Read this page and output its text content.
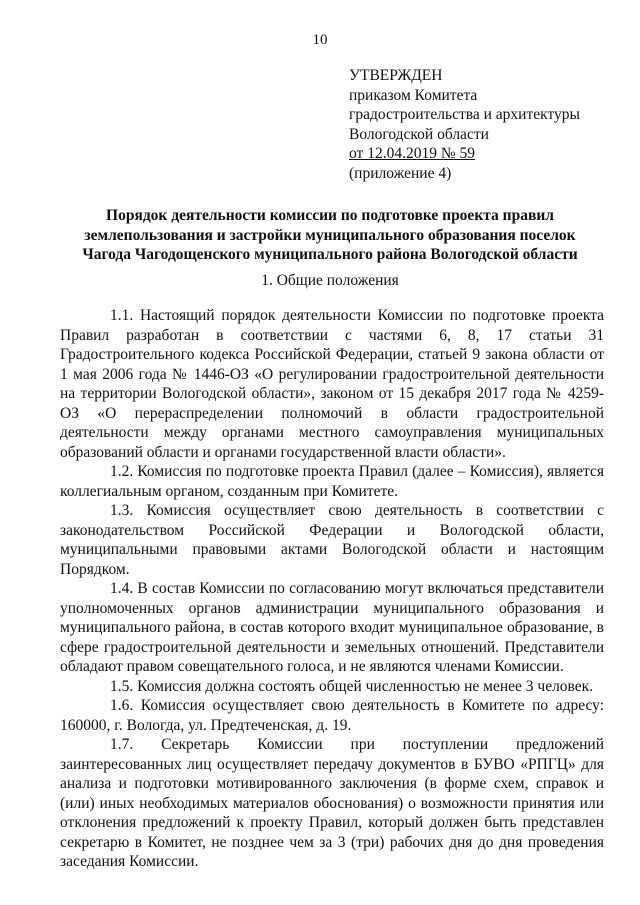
10
УТВЕРЖДЕН
приказом Комитета
градостроительства и архитектуры
Вологодской области
от 12.04.2019 № 59
(приложение 4)
Порядок деятельности комиссии по подготовке проекта правил
землепользования и застройки муниципального образования поселок
Чагода Чагодощенского муниципального района Вологодской области
1. Общие положения

1.1. Настоящий порядок деятельности Комиссии по подготовке проекта Правил разработан в соответствии с частями 6, 8, 17 статьи 31 Градостроительного кодекса Российской Федерации, статьей 9 закона области от 1 мая 2006 года № 1446-ОЗ «О регулировании градостроительной деятельности на территории Вологодской области», законом от 15 декабря 2017 года № 4259-ОЗ «О перераспределении полномочий в области градостроительной деятельности между органами местного самоуправления муниципальных образований области и органами государственной власти области».

1.2. Комиссия по подготовке проекта Правил (далее – Комиссия), является коллегиальным органом, созданным при Комитете.

1.3. Комиссия осуществляет свою деятельность в соответствии с законодательством Российской Федерации и Вологодской области, муниципальными правовыми актами Вологодской области и настоящим Порядком.

1.4. В состав Комиссии по согласованию могут включаться представители уполномоченных органов администрации муниципального образования и муниципального района, в состав которого входит муниципальное образование, в сфере градостроительной деятельности и земельных отношений. Представители обладают правом совещательного голоса, и не являются членами Комиссии.

1.5. Комиссия должна состоять общей численностью не менее 3 человек.

1.6. Комиссия осуществляет свою деятельность в Комитете по адресу: 160000, г. Вологда, ул. Предтеченская, д. 19.

1.7. Секретарь Комиссии при поступлении предложений заинтересованных лиц осуществляет передачу документов в БУВО «РПГЦ» для анализа и подготовки мотивированного заключения (в форме схем, справок и (или) иных необходимых материалов обоснования) о возможности принятия или отклонения предложений к проекту Правил, который должен быть представлен секретарю в Комитет, не позднее чем за 3 (три) рабочих дня до дня проведения заседания Комиссии.
